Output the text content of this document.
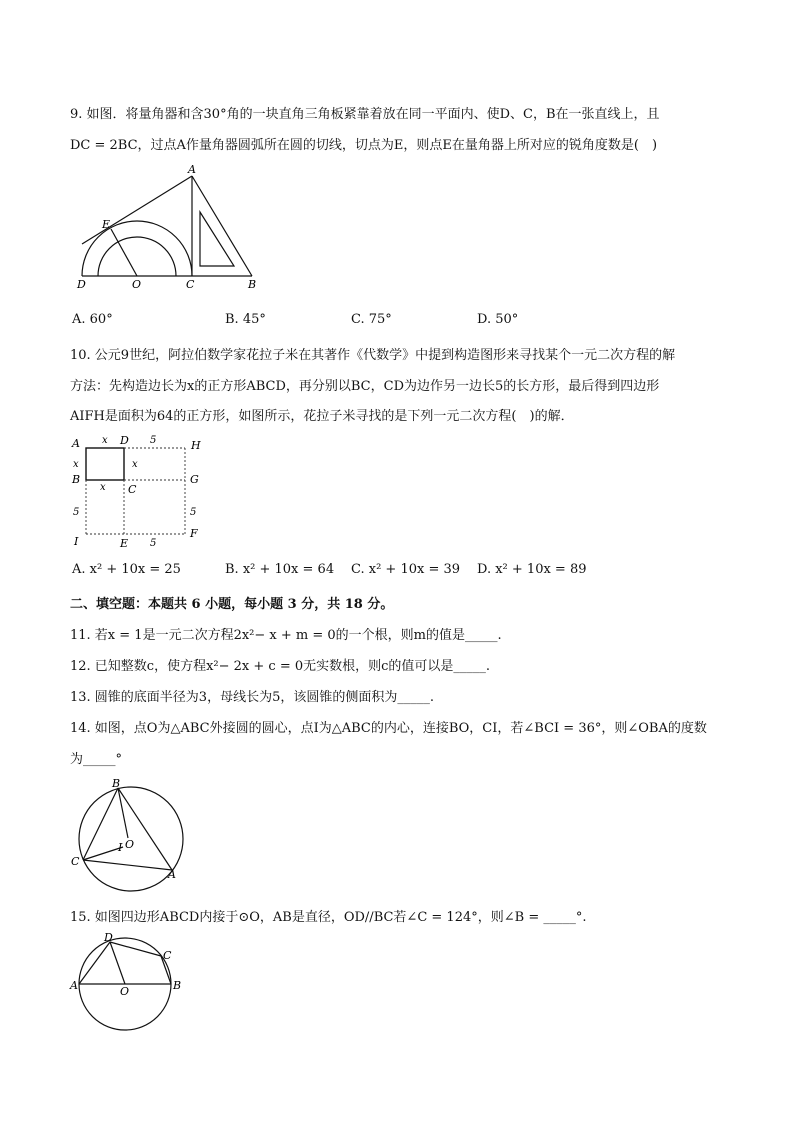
9. 如图．将量角器和含30°角的一块直角三角板紧靠着放在同一平面内、使D、C，B在一张直线上，且
DC = 2BC，过点A作量角器圆弧所在圆的切线，切点为E，则点E在量角器上所对应的锐角度数是(　)
A
E
D	O	C	B
A. 60°	B. 45°	C. 75°	D. 50°
10. 公元9世纪，阿拉伯数学家花拉子米在其著作《代数学》中提到构造图形来寻找某个一元二次方程的解
方法：先构造边长为x的正方形ABCD，再分别以BC，CD为边作另一边长5的长方形，最后得到四边形
AIFH是面积为64的正方形，如图所示，花拉子米寻找的是下列一元二次方程(　)的解．
A x D 5	H
x	x
B	G
x C
5	5
F
I	E 5
A. x² + 10x = 25	B. x² + 10x = 64 C. x² + 10x = 39 D. x² + 10x = 89
二、填空题：本题共 6 小题，每小题 3 分，共 18 分。
11. 若x = 1是一元二次方程2x²− x + m = 0的一个根，则m的值是_____.
12. 已知整数c，使方程x²− 2x + c = 0无实数根，则c的值可以是_____.
13. 圆锥的底面半径为3，母线长为5，该圆锥的侧面积为_____.
14. 如图，点O为△ABC外接圆的圆心，点I为△ABC的内心，连接BO，CI，若∠BCI = 36°，则∠OBA的度数
为_____°
B
C
A
I O
15. 如图四边形ABCD内接于⊙O，AB是直径，OD//BC若∠C = 124°，则∠B = _____°.
D
C
A	O	B
